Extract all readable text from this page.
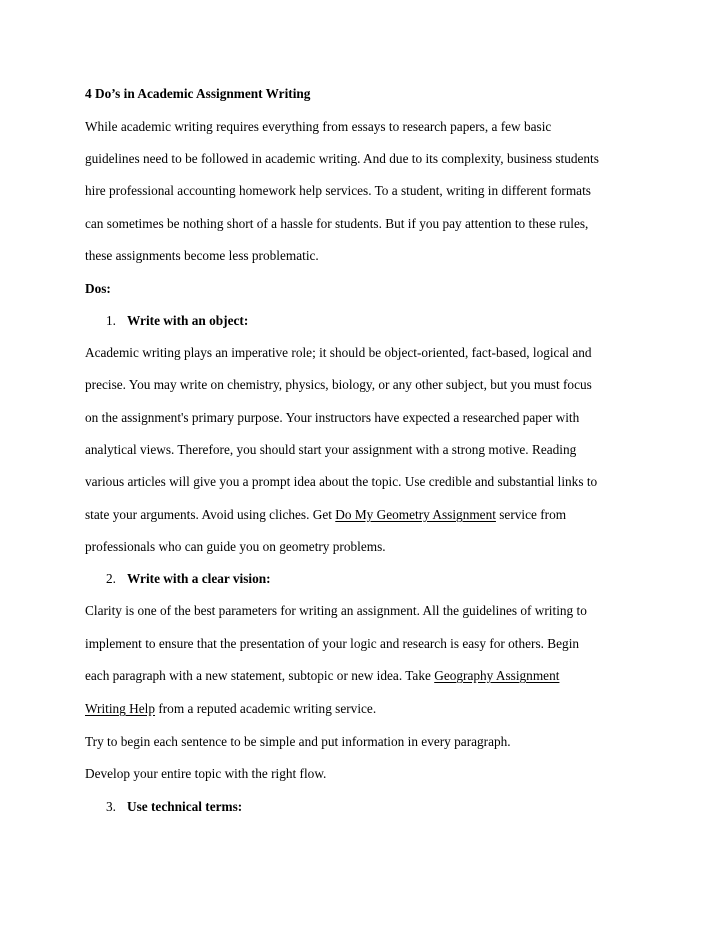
4 Do’s in Academic Assignment Writing
While academic writing requires everything from essays to research papers, a few basic
guidelines need to be followed in academic writing. And due to its complexity, business students
hire professional accounting homework help services. To a student, writing in different formats
can sometimes be nothing short of a hassle for students. But if you pay attention to these rules,
these assignments become less problematic.
Dos:
1. Write with an object:
Academic writing plays an imperative role; it should be object-oriented, fact-based, logical and
precise. You may write on chemistry, physics, biology, or any other subject, but you must focus
on the assignment's primary purpose. Your instructors have expected a researched paper with
analytical views. Therefore, you should start your assignment with a strong motive. Reading
various articles will give you a prompt idea about the topic. Use credible and substantial links to
state your arguments. Avoid using cliches. Get Do My Geometry Assignment service from
professionals who can guide you on geometry problems.
2. Write with a clear vision:
Clarity is one of the best parameters for writing an assignment. All the guidelines of writing to
implement to ensure that the presentation of your logic and research is easy for others. Begin
each paragraph with a new statement, subtopic or new idea. Take Geography Assignment
Writing Help from a reputed academic writing service.
Try to begin each sentence to be simple and put information in every paragraph.
Develop your entire topic with the right flow.
3. Use technical terms:
